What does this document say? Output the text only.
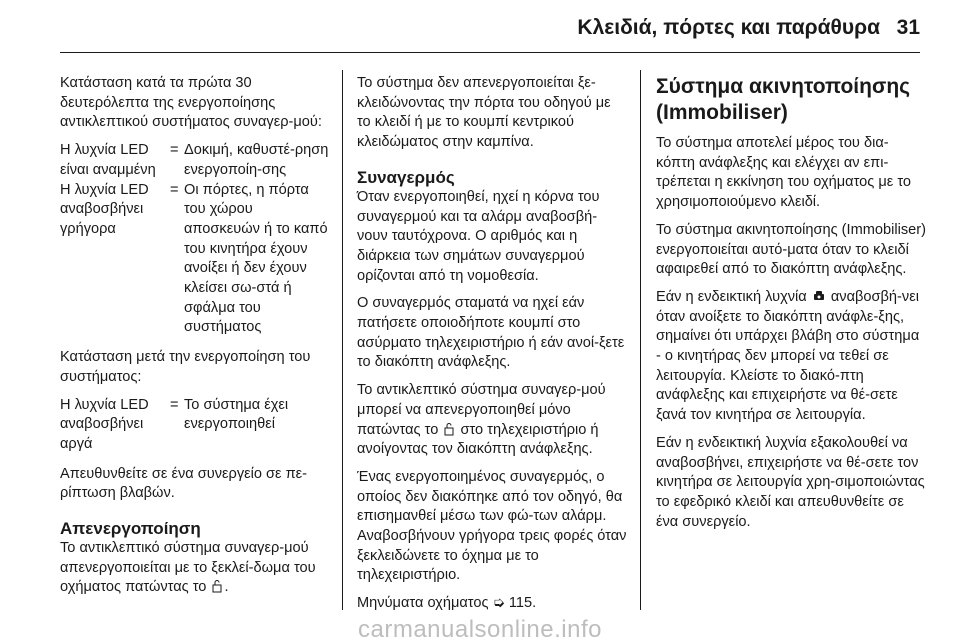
Κλειδιά, πόρτες και παράθυρα 31

Κατάσταση κατά τα πρώτα 30 δευτερόλεπτα της ενεργοποίησης αντικλεπτικού συστήματος συναγερ-μού:

Η λυχνία LED είναι αναμμένη
= Δοκιμή, καθυστέ-ρηση ενεργοποίη-σης
Η λυχνία LED αναβοσβήνει γρήγορα
= Οι πόρτες, η πόρτα του χώρου αποσκευών ή το καπό του κινητήρα έχουν ανοίξει ή δεν έχουν κλείσει σω-στά ή σφάλμα του συστήματος

Κατάσταση μετά την ενεργοποίηση του συστήματος:

Η λυχνία LED αναβοσβήνει αργά
= Το σύστημα έχει ενεργοποιηθεί

Απευθυνθείτε σε ένα συνεργείο σε πε-ρίπτωση βλαβών.

Απενεργοποίηση

Το αντικλεπτικό σύστημα συναγερ-μού απενεργοποιείται με το ξεκλεί-δωμα του οχήματος πατώντας το .

Το σύστημα δεν απενεργοποιείται ξε-κλειδώνοντας την πόρτα του οδηγού με το κλειδί ή με το κουμπί κεντρικού κλειδώματος στην καμπίνα.

Συναγερμός

Όταν ενεργοποιηθεί, ηχεί η κόρνα του συναγερμού και τα αλάρμ αναβοσβή-νουν ταυτόχρονα. Ο αριθμός και η διάρκεια των σημάτων συναγερμού ορίζονται από τη νομοθεσία.

Ο συναγερμός σταματά να ηχεί εάν πατήσετε οποιοδήποτε κουμπί στο ασύρματο τηλεχειριστήριο ή εάν ανοί-ξετε το διακόπτη ανάφλεξης.

Το αντικλεπτικό σύστημα συναγερ-μού μπορεί να απενεργοποιηθεί μόνο πατώντας το στο τηλεχειριστήριο ή ανοίγοντας τον διακόπτη ανάφλεξης.

Ένας ενεργοποιημένος συναγερμός, ο οποίος δεν διακόπηκε από τον οδηγό, θα επισημανθεί μέσω των φώ-των αλάρμ. Αναβοσβήνουν γρήγορα τρεις φορές όταν ξεκλειδώνετε το όχημα με το τηλεχειριστήριο.

Μηνύματα οχήματος ➭ 115.

Σύστημα ακινητοποίησης (Immobiliser)

Το σύστημα αποτελεί μέρος του δια-κόπτη ανάφλεξης και ελέγχει αν επι-τρέπεται η εκκίνηση του οχήματος με το χρησιμοποιούμενο κλειδί.

Το σύστημα ακινητοποίησης (Immobiliser) ενεργοποιείται αυτό-ματα όταν το κλειδί αφαιρεθεί από το διακόπτη ανάφλεξης.

Εάν η ενδεικτική λυχνία αναβοσβή-νει όταν ανοίξετε το διακόπτη ανάφλε-ξης, σημαίνει ότι υπάρχει βλάβη στο σύστημα - ο κινητήρας δεν μπορεί να τεθεί σε λειτουργία. Κλείστε το διακό-πτη ανάφλεξης και επιχειρήστε να θέ-σετε ξανά τον κινητήρα σε λειτουργία.

Εάν η ενδεικτική λυχνία εξακολουθεί να αναβοσβήνει, επιχειρήστε να θέ-σετε τον κινητήρα σε λειτουργία χρη-σιμοποιώντας το εφεδρικό κλειδί και απευθυνθείτε σε ένα συνεργείο.

carmanualsonline.info
